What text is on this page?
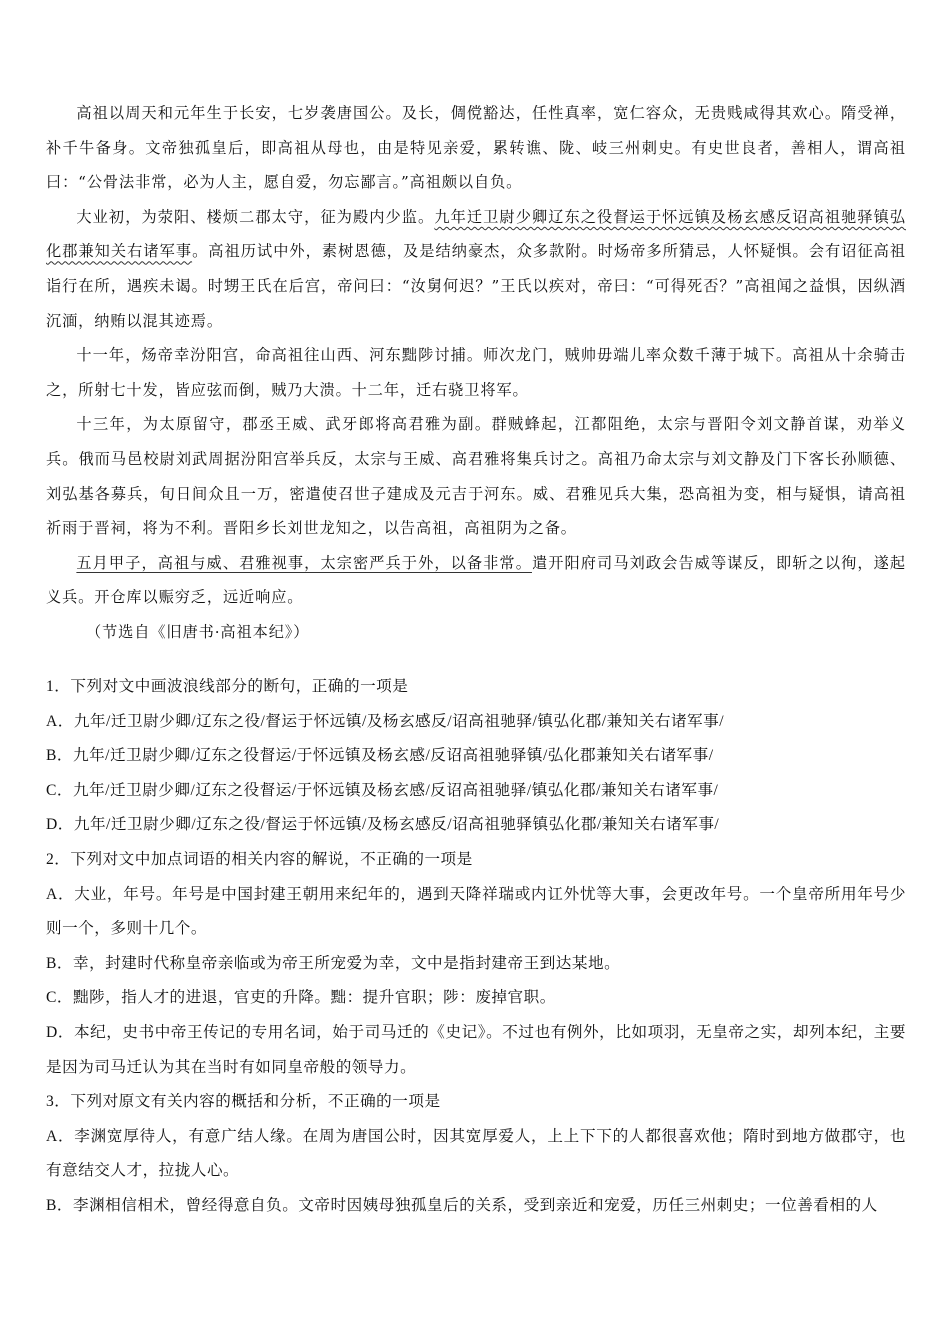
高祖以周天和元年生于长安，七岁袭唐国公。及长，倜傥豁达，任性真率，宽仁容众，无贵贱咸得其欢心。隋受禅，补千牛备身。文帝独孤皇后，即高祖从母也，由是特见亲爱，累转谯、陇、岐三州刺史。有史世良者，善相人，谓高祖曰：“公骨法非常，必为人主，愿自爱，勿忘鄙言。”高祖颇以自负。

大业初，为荥阳、楼烦二郡太守，征为殿内少监。九年迁卫尉少卿辽东之役督运于怀远镇及杨玄感反诏高祖驰驿镇弘化郡兼知关右诸军事。高祖历试中外，素树恩德，及是结纳豪杰，众多款附。时炀帝多所猜忌，人怀疑惧。会有诏征高祖诣行在所，遇疾未谒。时甥王氏在后宫，帝问曰：“汝舅何迟？”王氏以疾对，帝曰：“可得死否？”高祖闻之益惧，因纵酒沉湎，纳贿以混其迹焉。

十一年，炀帝幸汾阳宫，命高祖往山西、河东黜陟讨捕。师次龙门，贼帅毋端儿率众数千薄于城下。高祖从十余骑击之，所射七十发，皆应弦而倒，贼乃大溃。十二年，迁右骁卫将军。

十三年，为太原留守，郡丞王威、武牙郎将高君雅为副。群贼蜂起，江都阻绝，太宗与晋阳令刘文静首谋，劝举义兵。俄而马邑校尉刘武周据汾阳宫举兵反，太宗与王威、高君雅将集兵讨之。高祖乃命太宗与刘文静及门下客长孙顺德、刘弘基各募兵，旬日间众且一万，密遣使召世子建成及元吉于河东。威、君雅见兵大集，恐高祖为变，相与疑惧，请高祖祈雨于晋祠，将为不利。晋阳乡长刘世龙知之，以告高祖，高祖阴为之备。

五月甲子，高祖与威、君雅视事，太宗密严兵于外，以备非常。遣开阳府司马刘政会告威等谋反，即斩之以徇，遂起义兵。开仓库以赈穷乏，远近响应。

（节选自《旧唐书·高祖本纪》）

1．下列对文中画波浪线部分的断句，正确的一项是

A．九年/迁卫尉少卿/辽东之役/督运于怀远镇/及杨玄感反/诏高祖驰驿/镇弘化郡/兼知关右诸军事/

B．九年/迁卫尉少卿/辽东之役督运/于怀远镇及杨玄感/反诏高祖驰驿镇/弘化郡兼知关右诸军事/

C．九年/迁卫尉少卿/辽东之役督运/于怀远镇及杨玄感/反诏高祖驰驿/镇弘化郡/兼知关右诸军事/

D．九年/迁卫尉少卿/辽东之役/督运于怀远镇/及杨玄感反/诏高祖驰驿镇弘化郡/兼知关右诸军事/

2．下列对文中加点词语的相关内容的解说，不正确的一项是

A．大业，年号。年号是中国封建王朝用来纪年的，遇到天降祥瑞或内讧外忧等大事，会更改年号。一个皇帝所用年号少则一个，多则十几个。

B．幸，封建时代称皇帝亲临或为帝王所宠爱为幸，文中是指封建帝王到达某地。

C．黜陟，指人才的进退，官吏的升降。黜：提升官职；陟：废掉官职。

D．本纪，史书中帝王传记的专用名词，始于司马迁的《史记》。不过也有例外，比如项羽，无皇帝之实，却列本纪，主要是因为司马迁认为其在当时有如同皇帝般的领导力。

3．下列对原文有关内容的概括和分析，不正确的一项是

A．李渊宽厚待人，有意广结人缘。在周为唐国公时，因其宽厚爱人，上上下下的人都很喜欢他；隋时到地方做郡守，也有意结交人才，拉拢人心。

B．李渊相信相术，曾经得意自负。文帝时因姨母独孤皇后的关系，受到亲近和宠爱，历任三州刺史；一位善看相的人
